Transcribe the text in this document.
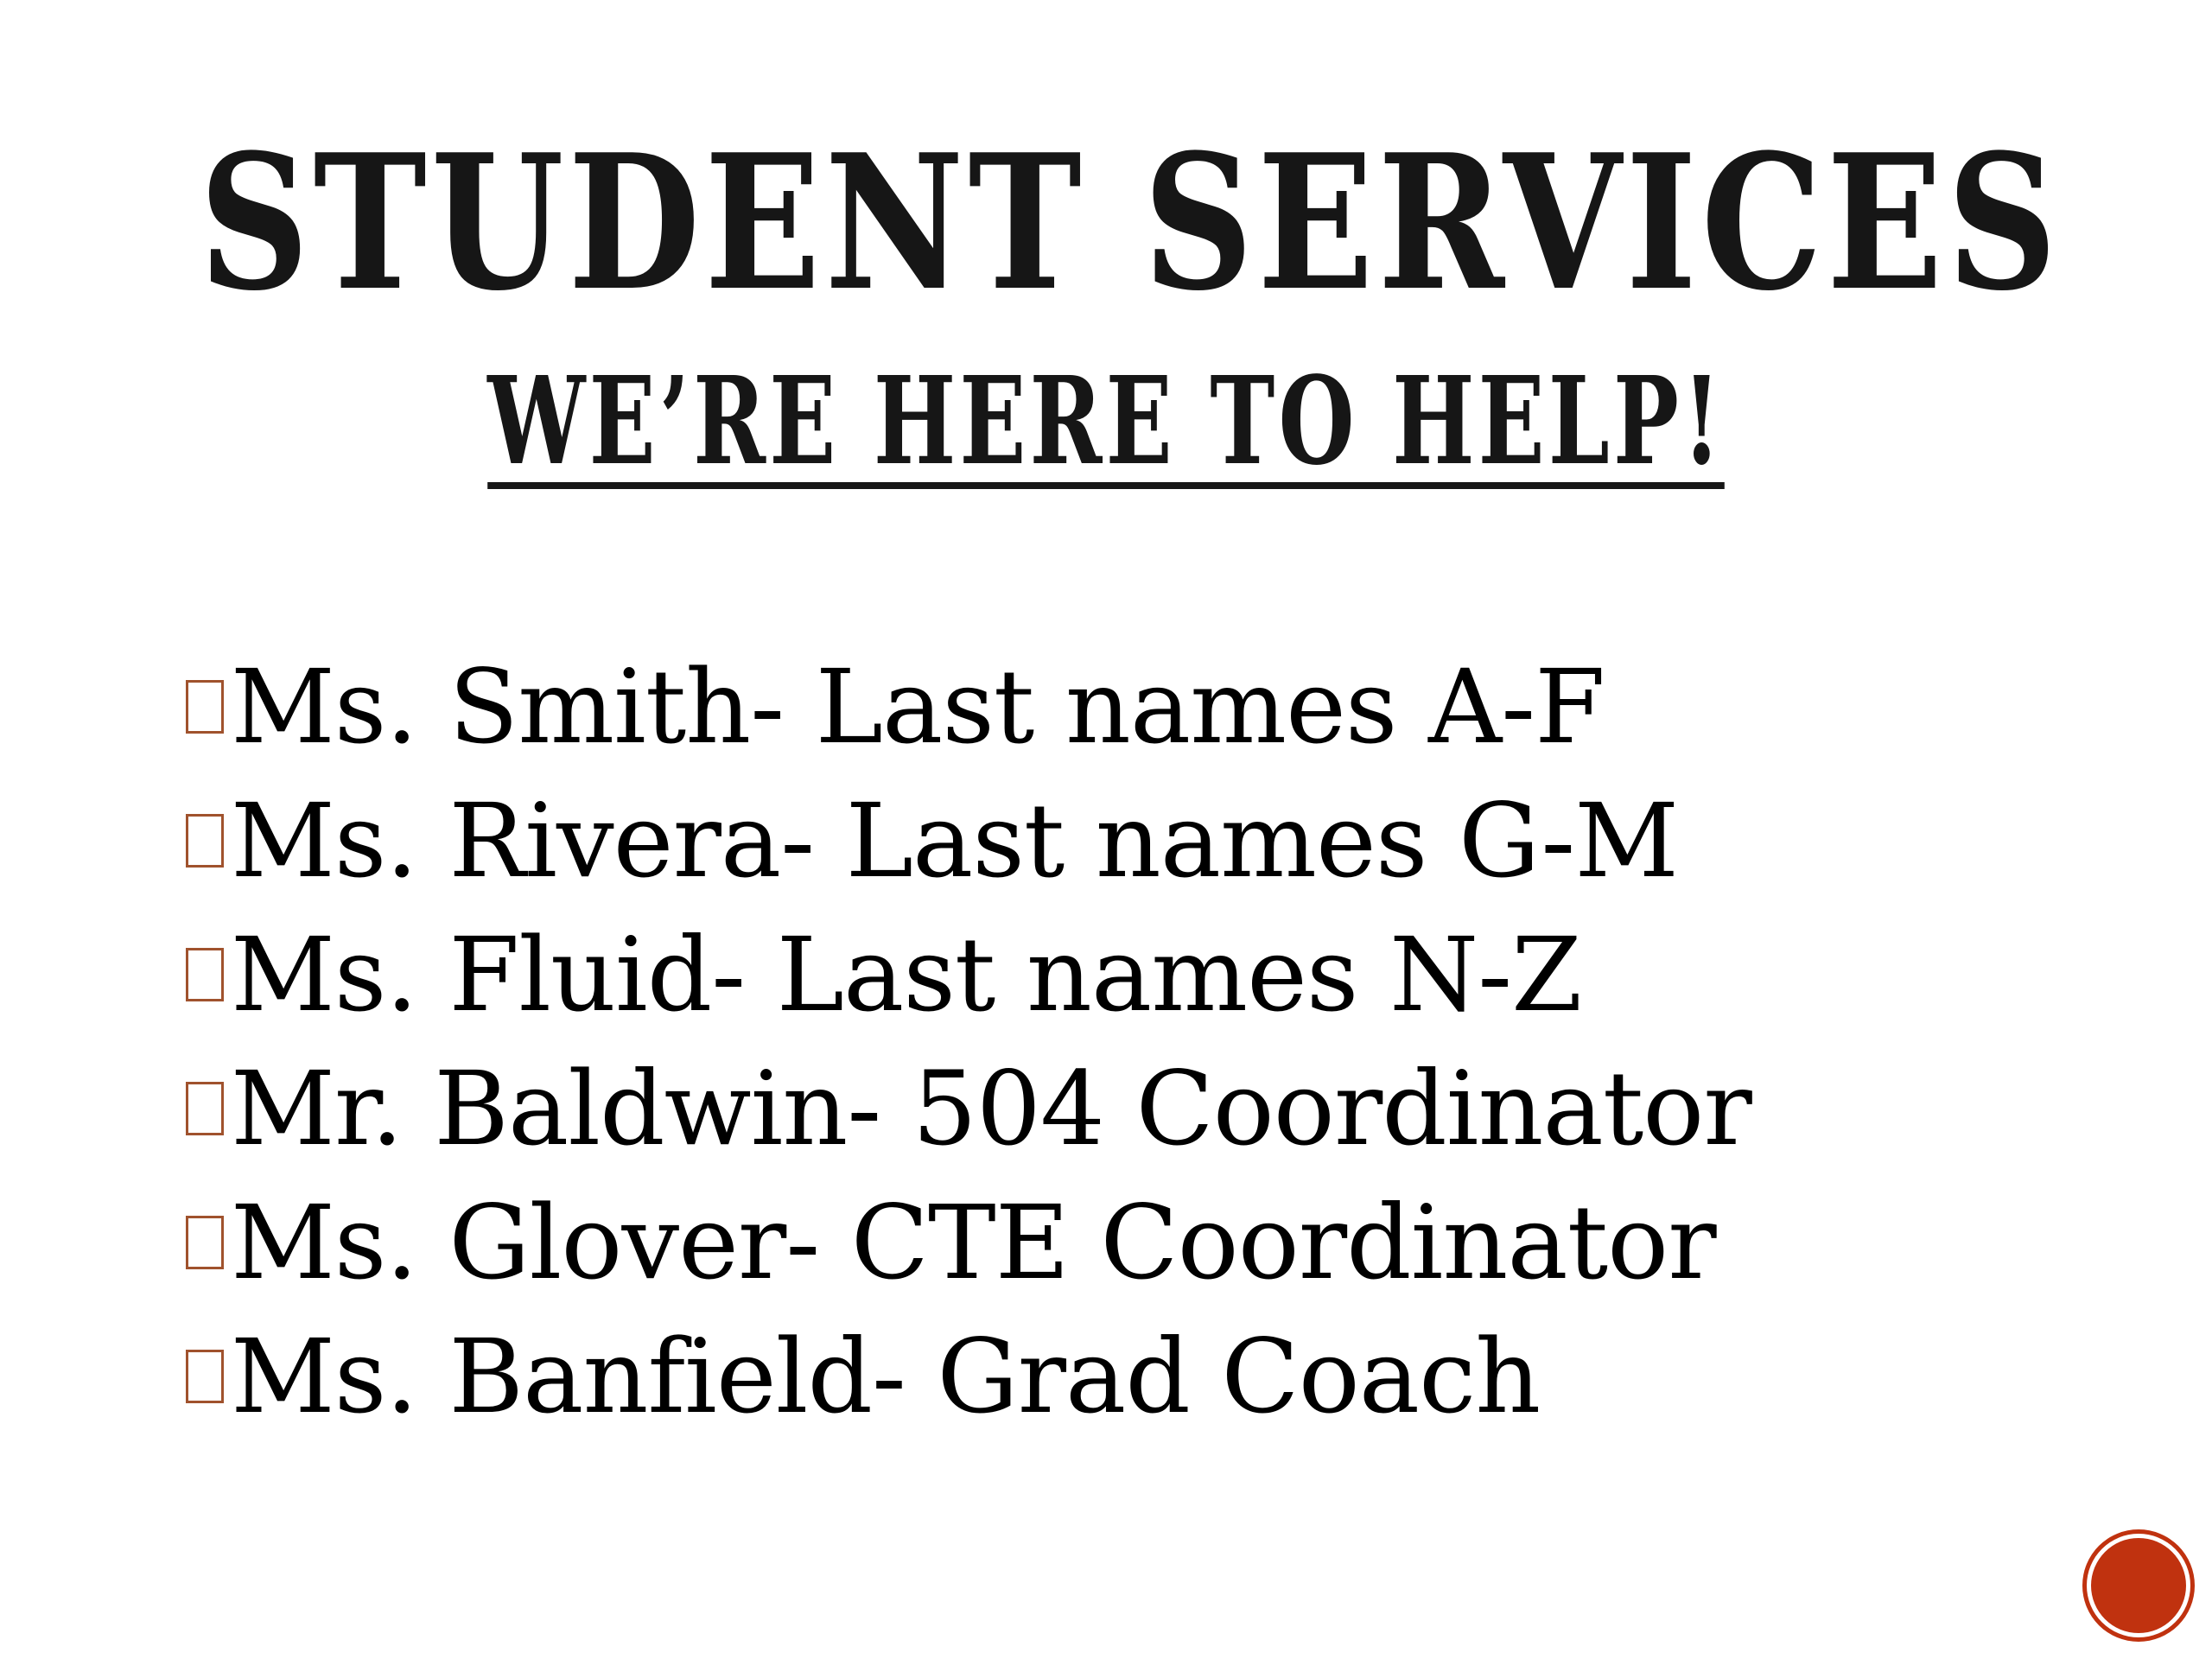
STUDENT SERVICES
WE’RE HERE TO HELP!
Ms. Smith- Last names A-F
Ms. Rivera- Last names G-M
Ms. Fluid- Last names N-Z
Mr. Baldwin- 504 Coordinator
Ms. Glover- CTE Coordinator
Ms. Banfield- Grad Coach
